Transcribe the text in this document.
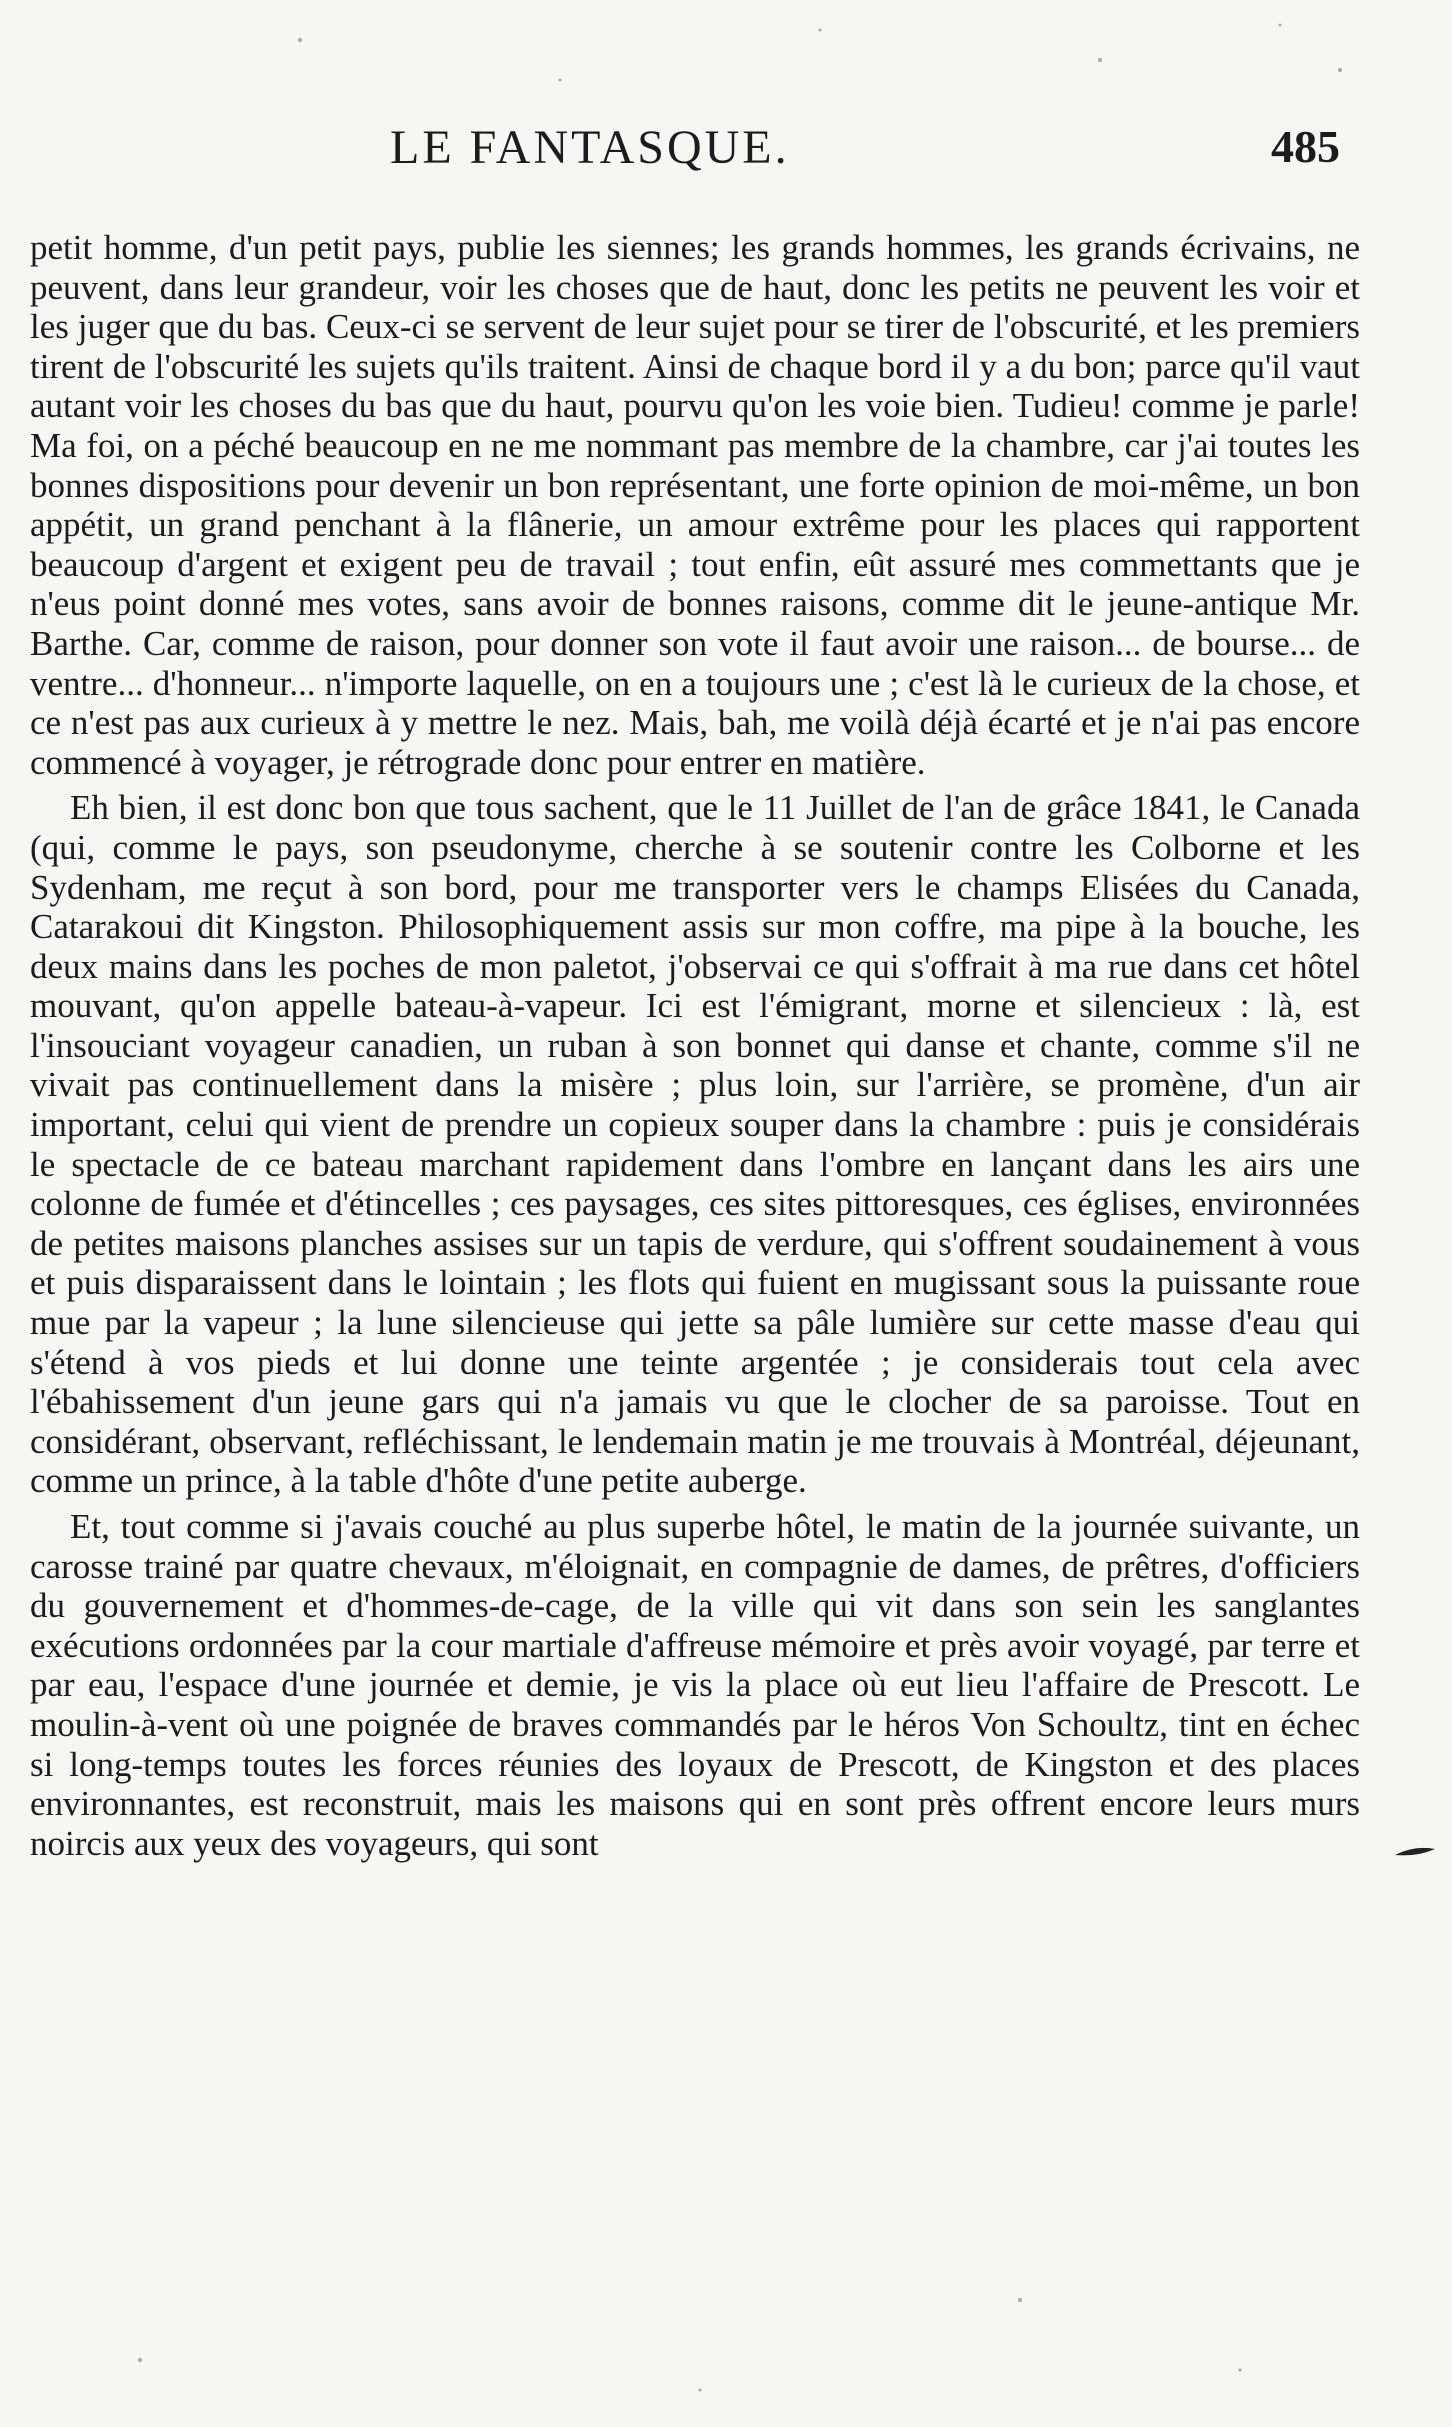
LE FANTASQUE.	485

petit homme, d'un petit pays, publie les siennes; les grands hommes, les grands écrivains, ne peuvent, dans leur grandeur, voir les choses que de haut, donc les petits ne peuvent les voir et les juger que du bas. Ceux-ci se servent de leur sujet pour se tirer de l'obscurité, et les premiers tirent de l'obscurité les sujets qu'ils traitent. Ainsi de chaque bord il y a du bon; parce qu'il vaut autant voir les choses du bas que du haut, pourvu qu'on les voie bien. Tudieu! comme je parle! Ma foi, on a péché beaucoup en ne me nommant pas membre de la chambre, car j'ai toutes les bonnes dispositions pour devenir un bon représentant, une forte opinion de moi-même, un bon appétit, un grand penchant à la flânerie, un amour extrême pour les places qui rapportent beaucoup d'argent et exigent peu de travail ; tout enfin, eût assuré mes commettants que je n'eus point donné mes votes, sans avoir de bonnes raisons, comme dit le jeune-antique Mr. Barthe. Car, comme de raison, pour donner son vote il faut avoir une raison... de bourse... de ventre... d'honneur... n'importe laquelle, on en a toujours une ; c'est là le curieux de la chose, et ce n'est pas aux curieux à y mettre le nez. Mais, bah, me voilà déjà écarté et je n'ai pas encore commencé à voyager, je rétrograde donc pour entrer en matière.

Eh bien, il est donc bon que tous sachent, que le 11 Juillet de l'an de grâce 1841, le Canada (qui, comme le pays, son pseudonyme, cherche à se soutenir contre les Colborne et les Sydenham, me reçut à son bord, pour me transporter vers le champs Elisées du Canada, Catarakoui dit Kingston. Philosophiquement assis sur mon coffre, ma pipe à la bouche, les deux mains dans les poches de mon paletot, j'observai ce qui s'offrait à ma rue dans cet hôtel mouvant, qu'on appelle bateau-à-vapeur. Ici est l'émigrant, morne et silencieux : là, est l'insouciant voyageur canadien, un ruban à son bonnet qui danse et chante, comme s'il ne vivait pas continuellement dans la misère ; plus loin, sur l'arrière, se promène, d'un air important, celui qui vient de prendre un copieux souper dans la chambre : puis je considérais le spectacle de ce bateau marchant rapidement dans l'ombre en lançant dans les airs une colonne de fumée et d'étincelles ; ces paysages, ces sites pittoresques, ces églises, environnées de petites maisons planches assises sur un tapis de verdure, qui s'offrent soudainement à vous et puis disparaissent dans le lointain ; les flots qui fuient en mugissant sous la puissante roue mue par la vapeur ; la lune silencieuse qui jette sa pâle lumière sur cette masse d'eau qui s'étend à vos pieds et lui donne une teinte argentée ; je considerais tout cela avec l'ébahissement d'un jeune gars qui n'a jamais vu que le clocher de sa paroisse. Tout en considérant, observant, refléchissant, le lendemain matin je me trouvais à Montréal, déjeunant, comme un prince, à la table d'hôte d'une petite auberge.

Et, tout comme si j'avais couché au plus superbe hôtel, le matin de la journée suivante, un carosse trainé par quatre chevaux, m'éloignait, en compagnie de dames, de prêtres, d'officiers du gouvernement et d'hommes-de-cage, de la ville qui vit dans son sein les sanglantes exécutions ordonnées par la cour martiale d'affreuse mémoire et près avoir voyagé, par terre et par eau, l'espace d'une journée et demie, je vis la place où eut lieu l'affaire de Prescott. Le moulin-à-vent où une poignée de braves commandés par le héros Von Schoultz, tint en échec si long-temps toutes les forces réunies des loyaux de Prescott, de Kingston et des places environnantes, est reconstruit, mais les maisons qui en sont près offrent encore leurs murs noircis aux yeux des voyageurs, qui sont
